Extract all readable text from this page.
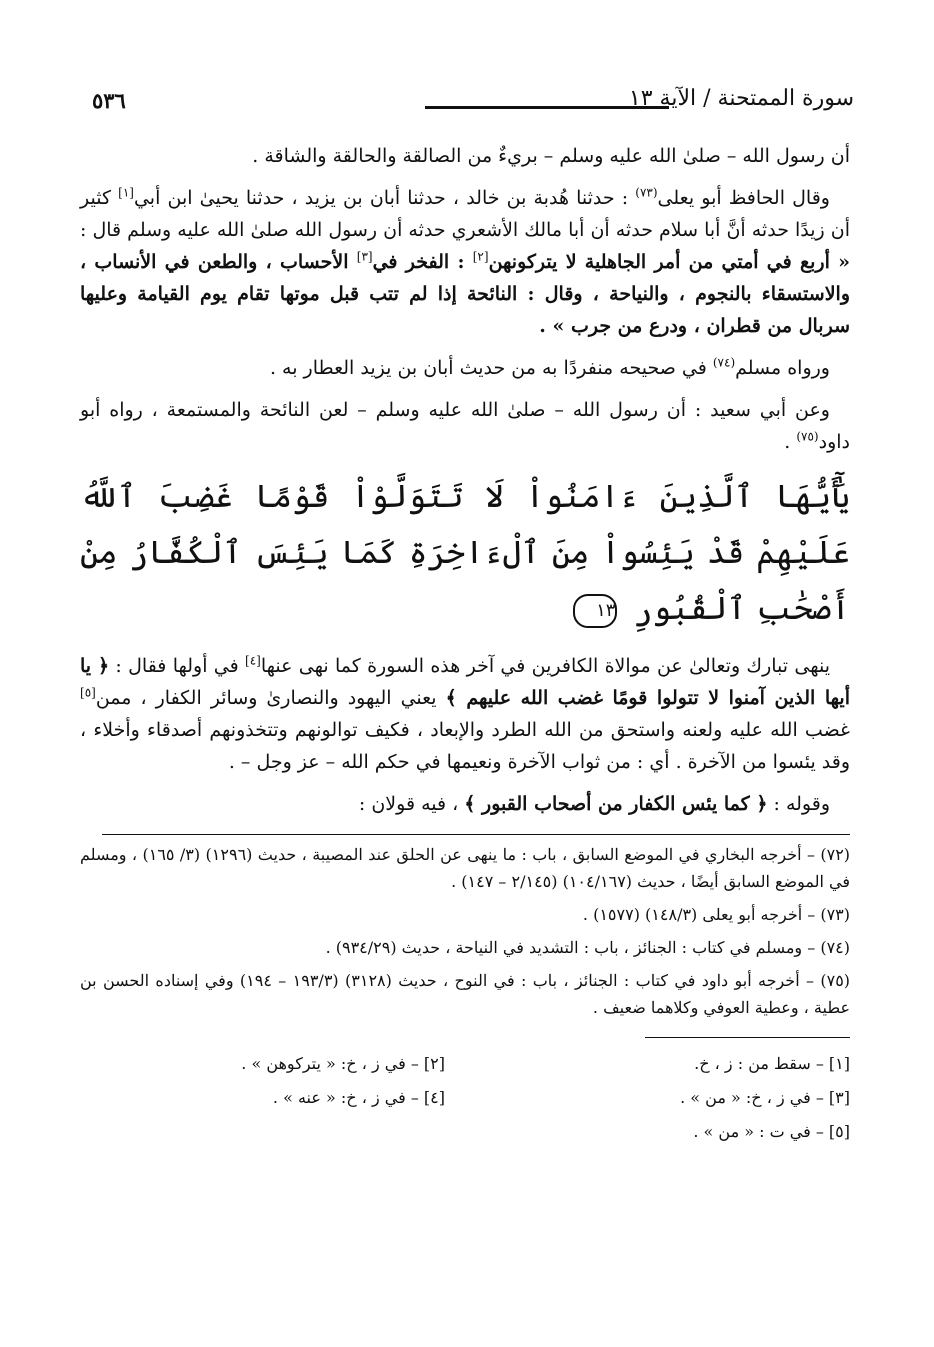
٥٣٦	سورة الممتحنة / الآية ١٣

أن رسول الله – صلىٰ الله عليه وسلم – بريءٌ من الصالقة والحالقة والشاقة .

وقال الحافظ أبو يعلى$^{(٧٣)}$ : حدثنا هُدبة بن خالد ، حدثنا أبان بن يزيد ، حدثنا يحيىٰ ابن أبي[١] كثير أن زيدًا حدثه أنَّ أبا سلام حدثه أن أبا مالك الأشعري حدثه أن رسول الله صلىٰ الله عليه وسلم قال : « أربع في أمتي من أمر الجاهلية لا يتركونهن[٢] : الفخر في[٣] الأحساب ، والطعن في الأنساب ، والاستسقاء بالنجوم ، والنياحة ، وقال : النائحة إذا لم تتب قبل موتها تقام يوم القيامة وعليها سربال من قطران ، ودرع من جرب » .

ورواه مسلم$^{(٧٤)}$ في صحيحه منفردًا به من حديث أبان بن يزيد العطار به .

وعن أبي سعيد : أن رسول الله – صلىٰ الله عليه وسلم – لعن النائحة والمستمعة ، رواه أبو داود$^{(٧٥)}$ .

يَٰٓأَيُّهَا ٱلَّذِينَ ءَامَنُواْ لَا تَتَوَلَّوْاْ قَوْمًا غَضِبَ ٱللَّهُ عَلَيْهِمْ قَدْ يَئِسُواْ مِنَ ٱلْءَاخِرَةِ كَمَا يَئِسَ ٱلْكُفَّارُ مِنْ أَصْحَٰبِ ٱلْقُبُورِ ١٣

ينهى تبارك وتعالىٰ عن موالاة الكافرين في آخر هذه السورة كما نهى عنها[٤] في أولها فقال : ﴿ يا أيها الذين آمنوا لا تتولوا قومًا غضب الله عليهم ﴾ يعني اليهود والنصارىٰ وسائر الكفار ، ممن[٥] غضب الله عليه ولعنه واستحق من الله الطرد والإبعاد ، فكيف توالونهم وتتخذونهم أصدقاء وأخلاء ، وقد يئسوا من الآخرة . أي : من ثواب الآخرة ونعيمها في حكم الله – عز وجل – .

وقوله : ﴿ كما يئس الكفار من أصحاب القبور ﴾ ، فيه قولان :

(٧٢) – أخرجه البخاري في الموضع السابق ، باب : ما ينهى عن الحلق عند المصيبة ، حديث (١٢٩٦) (٣/ ١٦٥) ، ومسلم في الموضع السابق أيضًا ، حديث (١٠٤/١٦٧) (٢/١٤٥ – ١٤٧) .

(٧٣) – أخرجه أبو يعلى (١٤٨/٣) (١٥٧٧) .

(٧٤) – ومسلم في كتاب : الجنائز ، باب : التشديد في النياحة ، حديث (٩٣٤/٢٩) .

(٧٥) – أخرجه أبو داود في كتاب : الجنائز ، باب : في النوح ، حديث (٣١٢٨) (١٩٣/٣ – ١٩٤) وفي إسناده الحسن بن عطية ، وعطية العوفي وكلاهما ضعيف .

[١] – سقط من : ز ، خ.
[٢] – في ز ، خ: « يتركوهن » .
[٣] – في ز ، خ: « من » .
[٤] – في ز ، خ: « عنه » .
[٥] – في ت : « من » .
